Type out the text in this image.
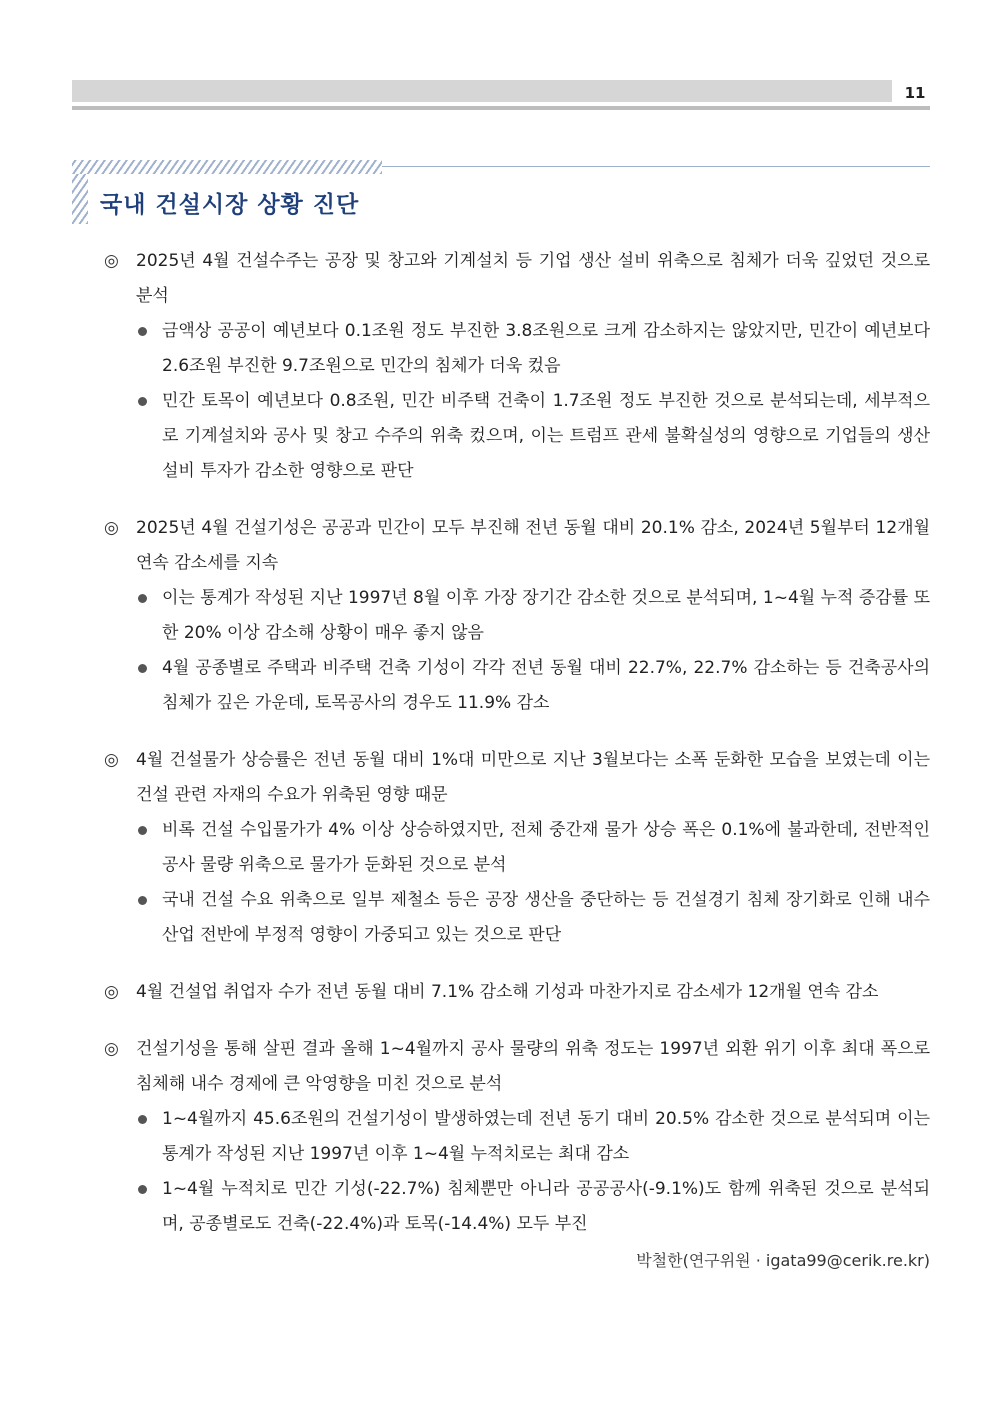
11
국내 건설시장 상황 진단
◎ 2025년 4월 건설수주는 공장 및 창고와 기계설치 등 기업 생산 설비 위축으로 침체가 더욱 깊었던 것으로 분석
금액상 공공이 예년보다 0.1조원 정도 부진한 3.8조원으로 크게 감소하지는 않았지만, 민간이 예년보다 2.6조원 부진한 9.7조원으로 민간의 침체가 더욱 컸음
민간 토목이 예년보다 0.8조원, 민간 비주택 건축이 1.7조원 정도 부진한 것으로 분석되는데, 세부적으로 기계설치와 공사 및 창고 수주의 위축 컸으며, 이는 트럼프 관세 불확실성의 영향으로 기업들의 생산 설비 투자가 감소한 영향으로 판단
◎ 2025년 4월 건설기성은 공공과 민간이 모두 부진해 전년 동월 대비 20.1% 감소, 2024년 5월부터 12개월 연속 감소세를 지속
이는 통계가 작성된 지난 1997년 8월 이후 가장 장기간 감소한 것으로 분석되며, 1~4월 누적 증감률 또한 20% 이상 감소해 상황이 매우 좋지 않음
4월 공종별로 주택과 비주택 건축 기성이 각각 전년 동월 대비 22.7%, 22.7% 감소하는 등 건축공사의 침체가 깊은 가운데, 토목공사의 경우도 11.9% 감소
◎ 4월 건설물가 상승률은 전년 동월 대비 1%대 미만으로 지난 3월보다는 소폭 둔화한 모습을 보였는데 이는 건설 관련 자재의 수요가 위축된 영향 때문
비록 건설 수입물가가 4% 이상 상승하였지만, 전체 중간재 물가 상승 폭은 0.1%에 불과한데, 전반적인 공사 물량 위축으로 물가가 둔화된 것으로 분석
국내 건설 수요 위축으로 일부 제철소 등은 공장 생산을 중단하는 등 건설경기 침체 장기화로 인해 내수 산업 전반에 부정적 영향이 가중되고 있는 것으로 판단
◎ 4월 건설업 취업자 수가 전년 동월 대비 7.1% 감소해 기성과 마찬가지로 감소세가 12개월 연속 감소
◎ 건설기성을 통해 살핀 결과 올해 1~4월까지 공사 물량의 위축 정도는 1997년 외환 위기 이후 최대 폭으로 침체해 내수 경제에 큰 악영향을 미친 것으로 분석
1~4월까지 45.6조원의 건설기성이 발생하였는데 전년 동기 대비 20.5% 감소한 것으로 분석되며 이는 통계가 작성된 지난 1997년 이후 1~4월 누적치로는 최대 감소
1~4월 누적치로 민간 기성(-22.7%) 침체뿐만 아니라 공공공사(-9.1%)도 함께 위축된 것으로 분석되며, 공종별로도 건축(-22.4%)과 토목(-14.4%) 모두 부진
박철한(연구위원 · igata99@cerik.re.kr)
